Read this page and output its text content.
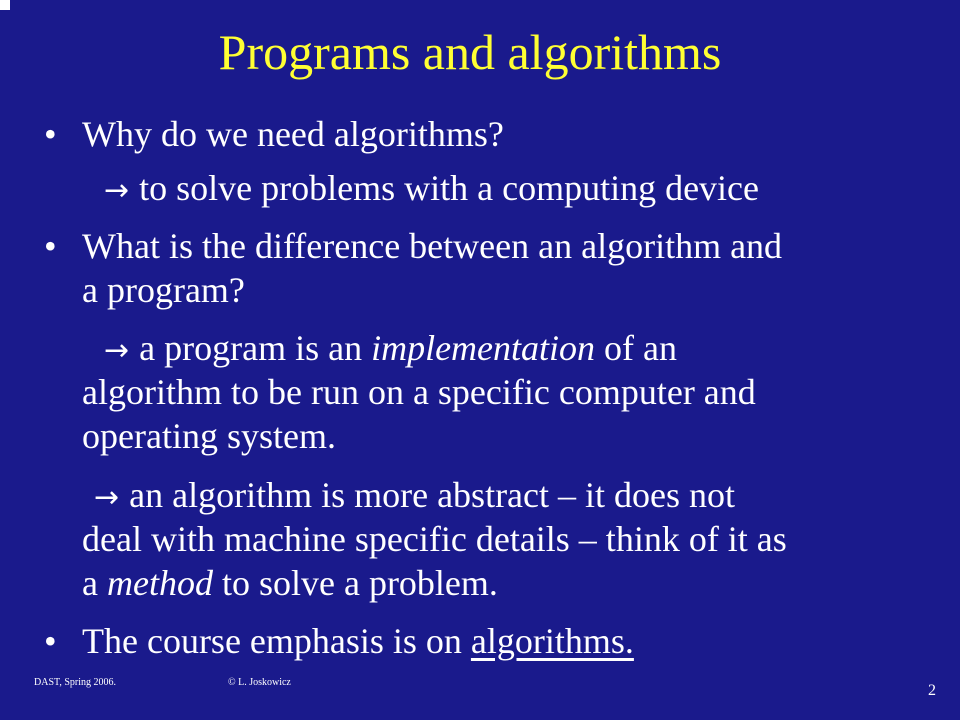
Programs and algorithms
• Why do we need algorithms?
→ to solve problems with a computing device
• What is the difference between an algorithm and
a program?
→ a program is an implementation of an
algorithm to be run on a specific computer and
operating system.
→ an algorithm is more abstract – it does not
deal with machine specific details – think of it as
a method to solve a problem.
• The course emphasis is on algorithms.
DAST, Spring 2006.	© L. Joskowicz	2
